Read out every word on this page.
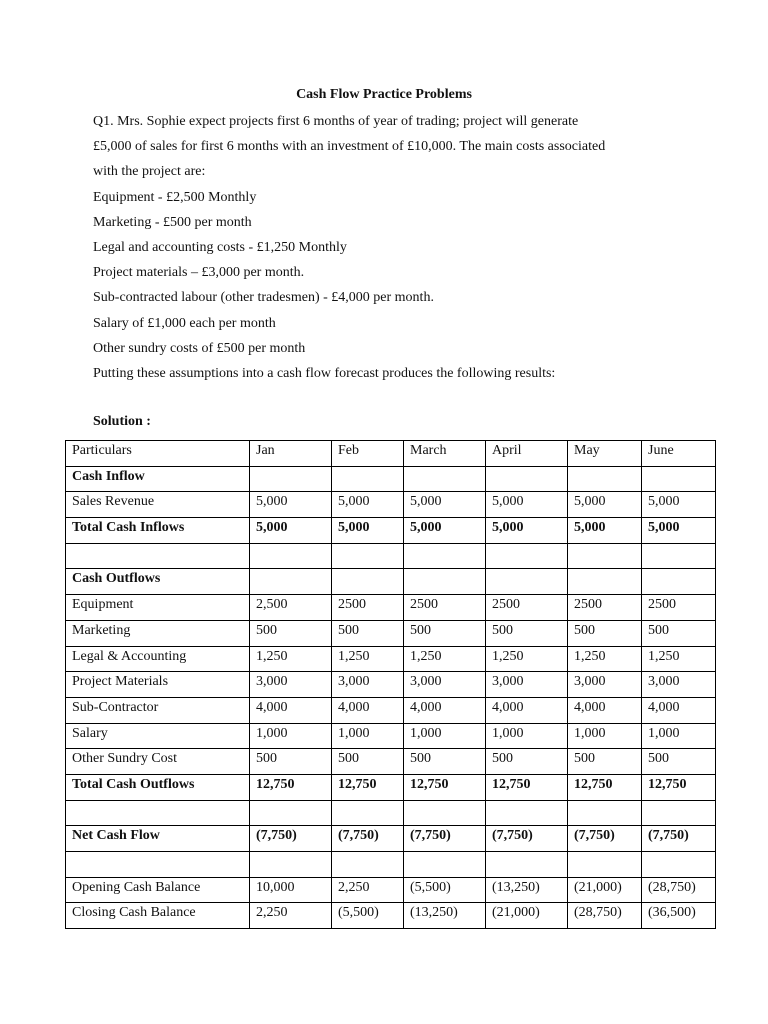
Cash Flow Practice Problems
Q1. Mrs. Sophie expect projects first 6 months of year of trading; project will generate
£5,000 of sales for first 6 months with an investment of £10,000. The main costs associated
with the project are:
Equipment - £2,500 Monthly
Marketing - £500 per month
Legal and accounting costs - £1,250 Monthly
Project materials – £3,000 per month.
Sub-contracted labour (other tradesmen) - £4,000 per month.
Salary of £1,000 each per month
Other sundry costs of £500 per month
Putting these assumptions into a cash flow forecast produces the following results:
Solution :
Particulars	Jan	Feb	March	April	May	June
Cash Inflow						
Sales Revenue	5,000	5,000	5,000	5,000	5,000	5,000
Total Cash Inflows	5,000	5,000	5,000	5,000	5,000	5,000

Cash Outflows						
Equipment	2,500	2500	2500	2500	2500	2500
Marketing	500	500	500	500	500	500
Legal & Accounting	1,250	1,250	1,250	1,250	1,250	1,250
Project Materials	3,000	3,000	3,000	3,000	3,000	3,000
Sub-Contractor	4,000	4,000	4,000	4,000	4,000	4,000
Salary	1,000	1,000	1,000	1,000	1,000	1,000
Other Sundry Cost	500	500	500	500	500	500
Total Cash Outflows	12,750	12,750	12,750	12,750	12,750	12,750

Net Cash Flow	(7,750)	(7,750)	(7,750)	(7,750)	(7,750)	(7,750)

Opening Cash Balance	10,000	2,250	(5,500)	(13,250)	(21,000)	(28,750)
Closing Cash Balance	2,250	(5,500)	(13,250)	(21,000)	(28,750)	(36,500)
